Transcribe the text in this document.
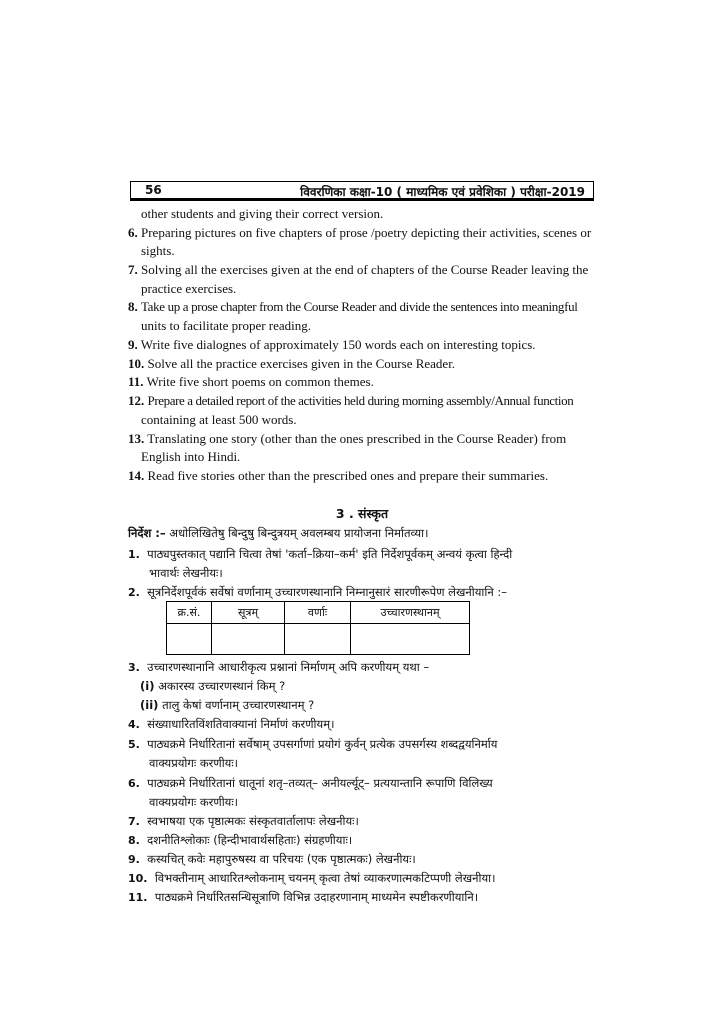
56	विवरणिका कक्षा-10 ( माध्यमिक एवं प्रवेशिका ) परीक्षा-2019
other students and giving their correct version.
6. Preparing pictures on five chapters of prose /poetry depicting their activities, scenes or
sights.
7. Solving all the exercises given at the end of chapters of the Course Reader leaving the
practice exercises.
8. Take up a prose chapter from the Course Reader and divide the sentences into meaningful
units to facilitate proper reading.
9. Write five dialognes of approximately 150 words each on interesting topics.
10. Solve all the practice exercises given in the Course Reader.
11. Write five short poems on common themes.
12. Prepare a detailed report of the activities held during morning assembly/Annual function
containing at least 500 words.
13. Translating one story (other than the ones prescribed in the Course Reader) from
English into Hindi.
14. Read five stories other than the prescribed ones and prepare their summaries.
3 . संस्कृत
निर्देश :– अधोलिखितेषु बिन्दुषु बिन्दुत्रयम् अवलम्बय प्रायोजना निर्मातव्या।
1. पाठ्यपुस्तकात् पद्यानि चित्वा तेषां 'कर्ता–क्रिया–कर्म' इति निर्देशपूर्वकम् अन्वयं कृत्वा हिन्दी
भावार्थः लेखनीयः।
2. सूत्रनिर्देशपूर्वकं सर्वेषां वर्णानाम् उच्चारणस्थानानि निम्नानुसारं सारणीरूपेण लेखनीयानि :–
क्र.सं.	सूत्रम्	वर्णाः	उच्चारणस्थानम्

3. उच्चारणस्थानानि आधारीकृत्य प्रश्नानां निर्माणम् अपि करणीयम् यथा –
(i) अकारस्य उच्चारणस्थानं किम् ?
(ii) तालु केषां वर्णानाम् उच्चारणस्थानम् ?
4. संख्याधारितविंशतिवाक्यानां निर्माणं करणीयम्।
5. पाठ्यक्रमे निर्धारितानां सर्वेषाम् उपसर्गाणां प्रयोगं कुर्वन् प्रत्येक उपसर्गस्य शब्दद्वयनिर्माय
वाक्यप्रयोगः करणीयः।
6. पाठ्यक्रमे निर्धारितानां धातूनां शतृ–तव्यत्– अनीयर्ल्यूट्– प्रत्ययान्तानि रूपाणि विलिख्य
वाक्यप्रयोगः करणीयः।
7. स्वभाषया एक पृष्ठात्मकः संस्कृतवार्तालापः लेखनीयः।
8. दशनीतिश्लोकाः (हिन्दीभावार्थसहिताः) संग्रहणीयाः।
9. कस्यचित् कवेः महापुरुषस्य वा परिचयः (एक पृष्ठात्मकः) लेखनीयः।
10. विभक्तीनाम् आधारितश्लोकनाम् चयनम् कृत्वा तेषां व्याकरणात्मकटिप्पणी लेखनीया।
11. पाठ्यक्रमे निर्धारितसन्धिसूत्राणि विभिन्न उदाहरणानाम् माध्यमेन स्पष्टीकरणीयानि।
